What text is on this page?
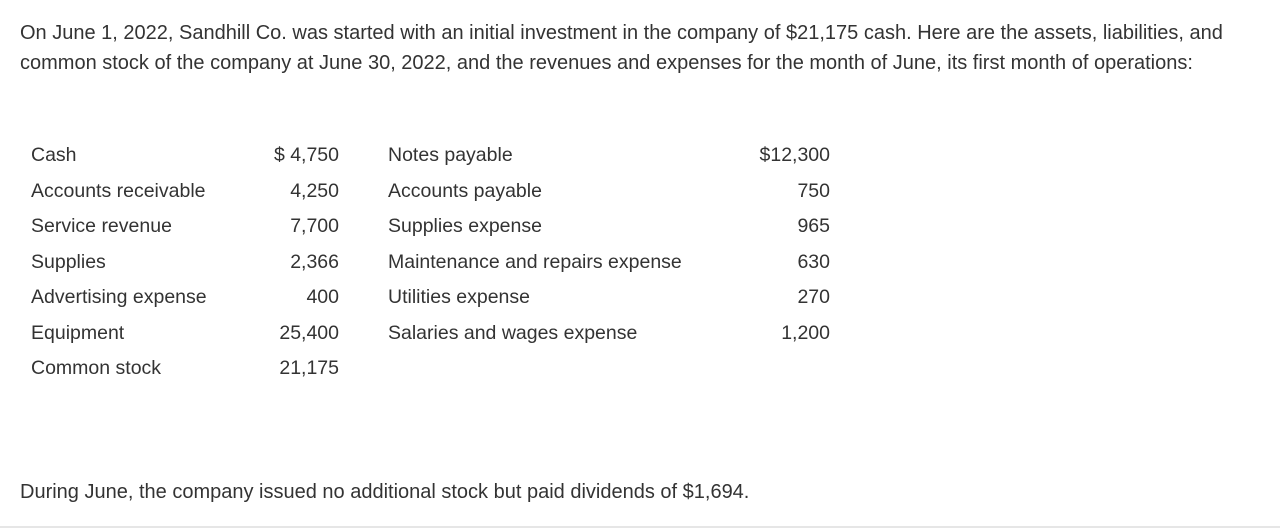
On June 1, 2022, Sandhill Co. was started with an initial investment in the company of $21,175 cash. Here are the assets, liabilities, and common stock of the company at June 30, 2022, and the revenues and expenses for the month of June, its first month of operations:

Cash	$ 4,750	Notes payable	$12,300
Accounts receivable	4,250	Accounts payable	750
Service revenue	7,700	Supplies expense	965
Supplies	2,366	Maintenance and repairs expense	630
Advertising expense	400	Utilities expense	270
Equipment	25,400	Salaries and wages expense	1,200
Common stock	21,175

During June, the company issued no additional stock but paid dividends of $1,694.
